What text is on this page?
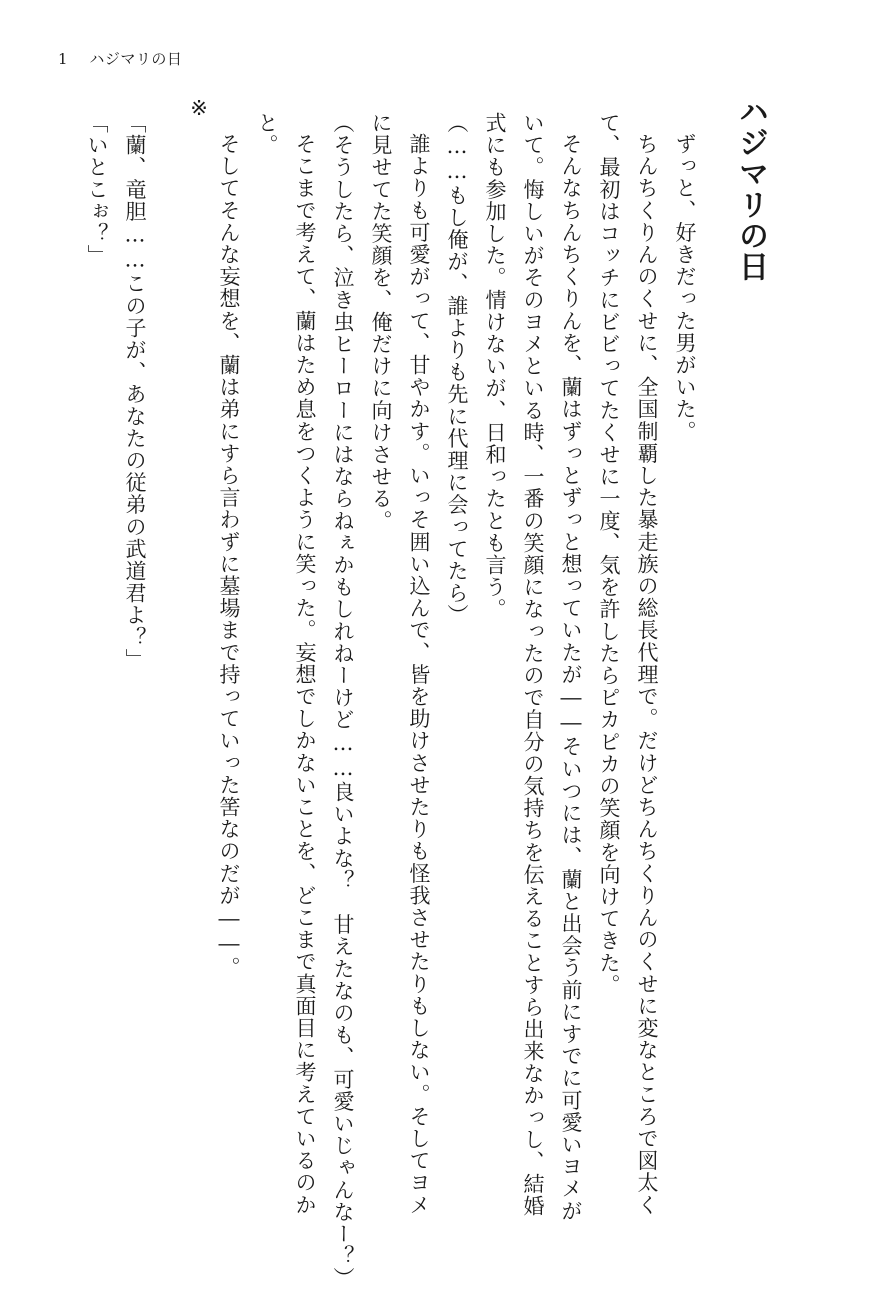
1 ハジマリの日
ハジマリの日
ずっと、好きだった男がいた。
ちんちくりんのくせに、全国制覇した暴走族の総長代理で。だけどちんちくりんのくせに変なところで図太く
て、最初はコッチにビビってたくせに一度、気を許したらピカピカの笑顔を向けてきた。
そんなちんちくりんを、蘭はずっとずっと想っていたが――そいつには、蘭と出会う前にすでに可愛いヨメが
いて。悔しいがそのヨメといる時、一番の笑顔になったので自分の気持ちを伝えることすら出来なかっし、結婚
式にも参加した。情けないが、日和ったとも言う。
（……もし俺が、誰よりも先に代理に会ってたら）
誰よりも可愛がって、甘やかす。いっそ囲い込んで、皆を助けさせたりも怪我させたりもしない。そしてヨメ
に見せてた笑顔を、俺だけに向けさせる。
（そうしたら、泣き虫ヒーローにはならねぇかもしれねーけど……良いよな？　甘えたなのも、可愛いじゃんなー？）
そこまで考えて、蘭はため息をつくように笑った。妄想でしかないことを、どこまで真面目に考えているのか
と。
そしてそんな妄想を、蘭は弟にすら言わずに墓場まで持っていった筈なのだが――。
※
「蘭、竜胆……この子が、あなたの従弟の武道君よ？」
「いとこぉ？」
